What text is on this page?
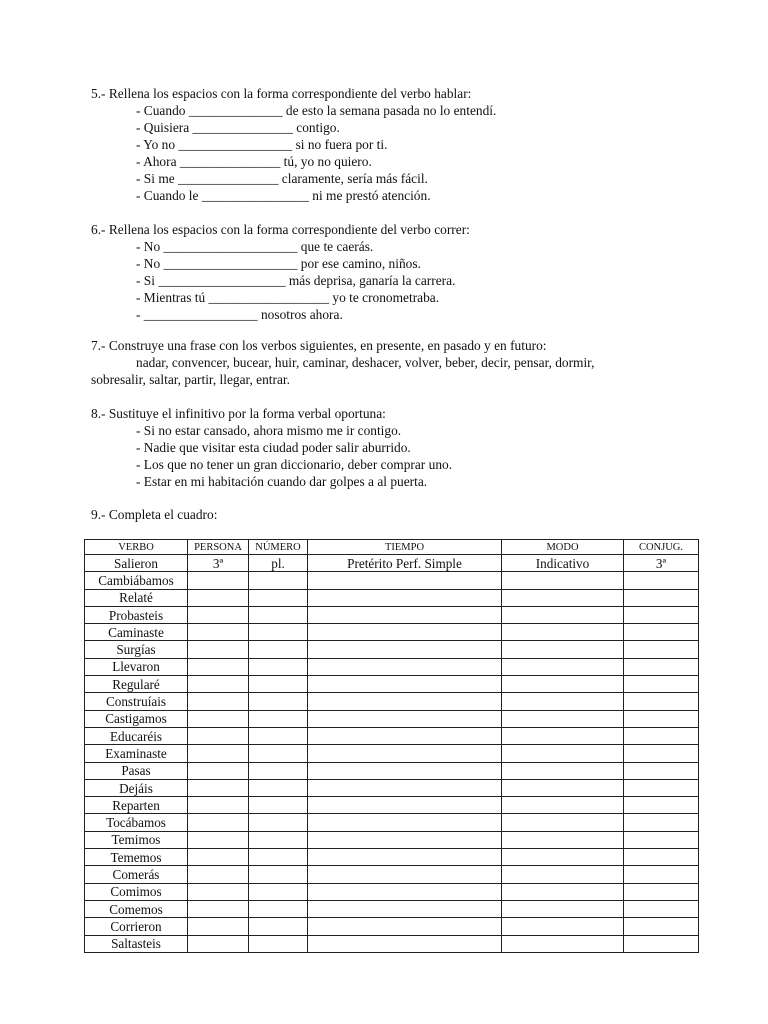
5.- Rellena los espacios con la forma correspondiente del verbo hablar:
- Cuando ______________ de esto la semana pasada no lo entendí.
- Quisiera _______________ contigo.
- Yo no _________________ si no fuera por ti.
- Ahora _______________ tú, yo no quiero.
- Si me _______________ claramente, sería más fácil.
- Cuando le ________________ ni me prestó atención.
6.- Rellena los espacios con la forma correspondiente del verbo correr:
- No ____________________ que te caerás.
- No ____________________ por ese camino, niños.
- Si ___________________ más deprisa, ganaría la carrera.
- Mientras tú __________________ yo te cronometraba.
- _________________ nosotros ahora.
7.- Construye una frase con los verbos siguientes, en presente, en pasado y en futuro:
nadar, convencer, bucear, huir, caminar, deshacer, volver, beber, decir, pensar, dormir,
sobresalir, saltar, partir, llegar, entrar.
8.- Sustituye el infinitivo por la forma verbal oportuna:
- Si no estar cansado, ahora mismo me ir contigo.
- Nadie que visitar esta ciudad poder salir aburrido.
- Los que no tener un gran diccionario, deber comprar uno.
- Estar en mi habitación cuando dar golpes a al puerta.
9.- Completa el cuadro:
VERBO	PERSONA	NÚMERO	TIEMPO	MODO	CONJUG.
Salieron	3ª	pl.	Pretérito Perf. Simple	Indicativo	3ª
Cambiábamos					
Relaté					
Probasteis					
Caminaste					
Surgías					
Llevaron					
Regularé					
Construíais					
Castigamos					
Educaréis					
Examinaste					
Pasas					
Dejáis					
Reparten					
Tocábamos					
Temimos					
Tememos					
Comerás					
Comimos					
Comemos					
Corrieron					
Saltasteis					
